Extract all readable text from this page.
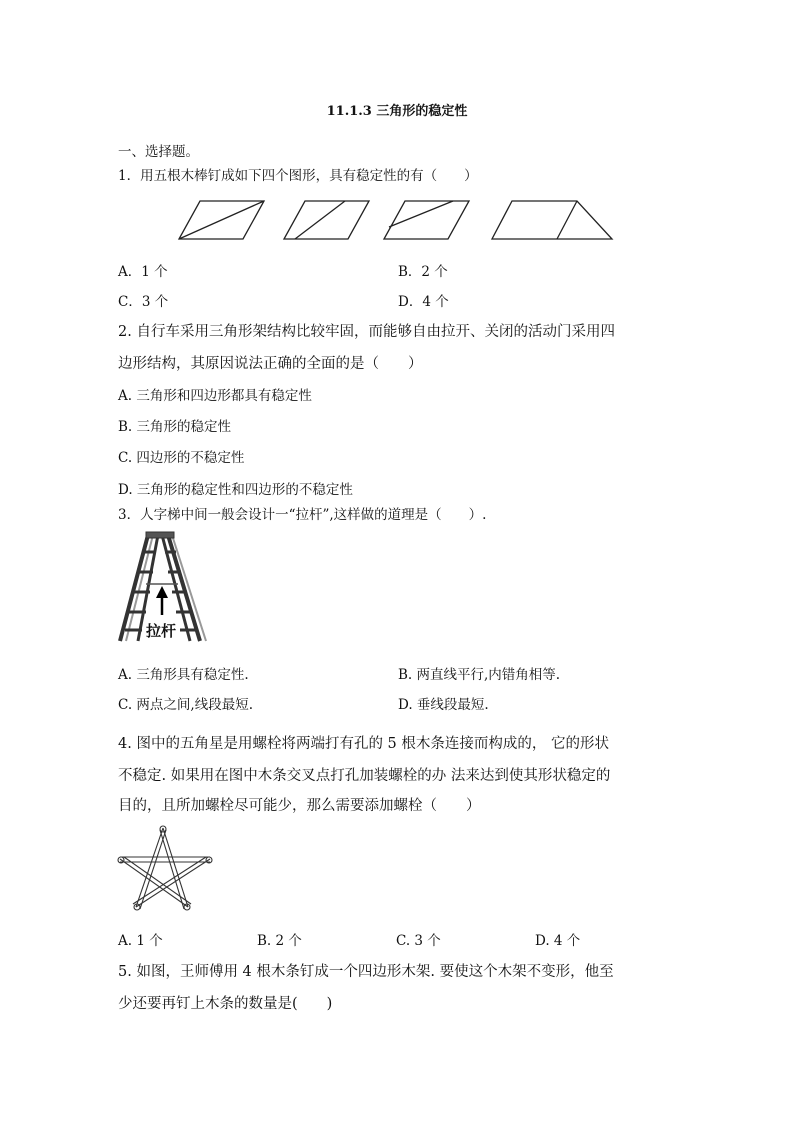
11.1.3 三角形的稳定性
一、选择题。
1．用五根木棒钉成如下四个图形，具有稳定性的有（　　）
A．1 个	B．2 个
C．3 个	D．4 个
2. 自行车采用三角形架结构比较牢固，而能够自由拉开、关闭的活动门采用四
边形结构，其原因说法正确的全面的是（　　）
A. 三角形和四边形都具有稳定性
B. 三角形的稳定性
C. 四边形的不稳定性
D. 三角形的稳定性和四边形的不稳定性
3．人字梯中间一般会设计一“拉杆”,这样做的道理是（　　）.
拉杆
A. 三角形具有稳定性.	B. 两直线平行,内错角相等.
C. 两点之间,线段最短.	D. 垂线段最短.
4. 图中的五角星是用螺栓将两端打有孔的 5 根木条连接而构成的， 它的形状
不稳定. 如果用在图中木条交叉点打孔加装螺栓的办 法来达到使其形状稳定的
目的，且所加螺栓尽可能少，那么需要添加螺栓（　　）
A. 1 个	B. 2 个	C. 3 个	D. 4 个
5. 如图，王师傅用 4 根木条钉成一个四边形木架. 要使这个木架不变形，他至
少还要再钉上木条的数量是(　　)
